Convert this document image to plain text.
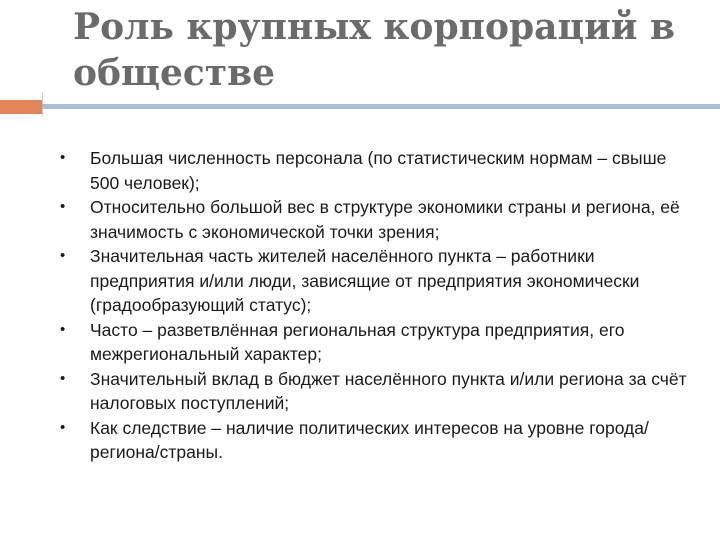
Роль крупных корпораций в обществе
•	Большая численность персонала (по статистическим нормам – свыше 500 человек);
•	Относительно большой вес в структуре экономики страны и региона, её значимость с экономической точки зрения;
•	Значительная часть жителей населённого пункта – работники предприятия и/или люди, зависящие от предприятия экономически (градообразующий статус);
•	Часто – разветвлённая региональная структура предприятия, его межрегиональный характер;
•	Значительный вклад в бюджет населённого пункта и/или региона за счёт налоговых поступлений;
•	Как следствие – наличие политических интересов на уровне города/региона/страны.
